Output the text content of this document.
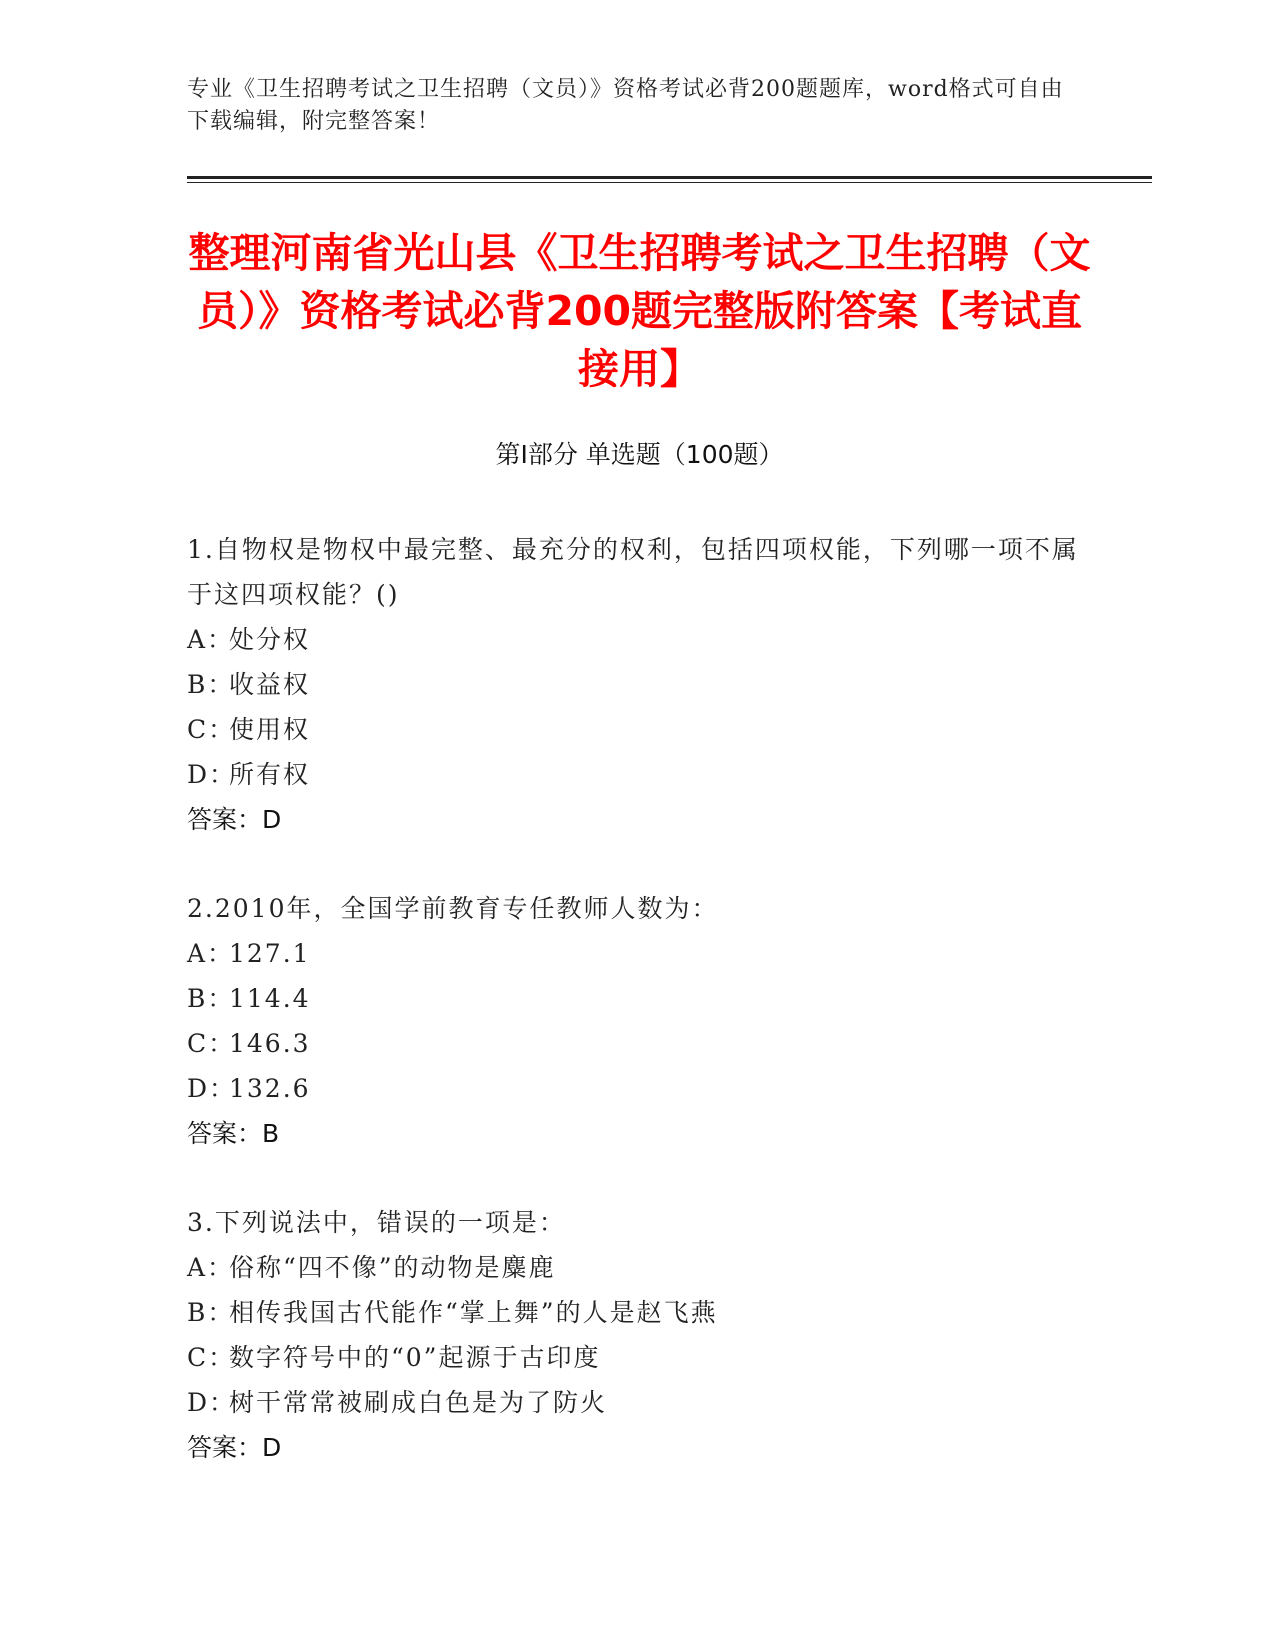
专业《卫生招聘考试之卫生招聘（文员）》资格考试必背200题题库，word格式可自由下载编辑，附完整答案！
整理河南省光山县《卫生招聘考试之卫生招聘（文员）》资格考试必背200题完整版附答案【考试直接用】
第I部分 单选题（100题）
1.自物权是物权中最完整、最充分的权利，包括四项权能，下列哪一项不属于这四项权能？()
A：处分权
B：收益权
C：使用权
D：所有权
答案：D
2.2010年，全国学前教育专任教师人数为：
A：127.1
B：114.4
C：146.3
D：132.6
答案：B
3.下列说法中，错误的一项是：
A：俗称“四不像”的动物是麋鹿
B：相传我国古代能作“掌上舞”的人是赵飞燕
C：数字符号中的“0”起源于古印度
D：树干常常被刷成白色是为了防火
答案：D
